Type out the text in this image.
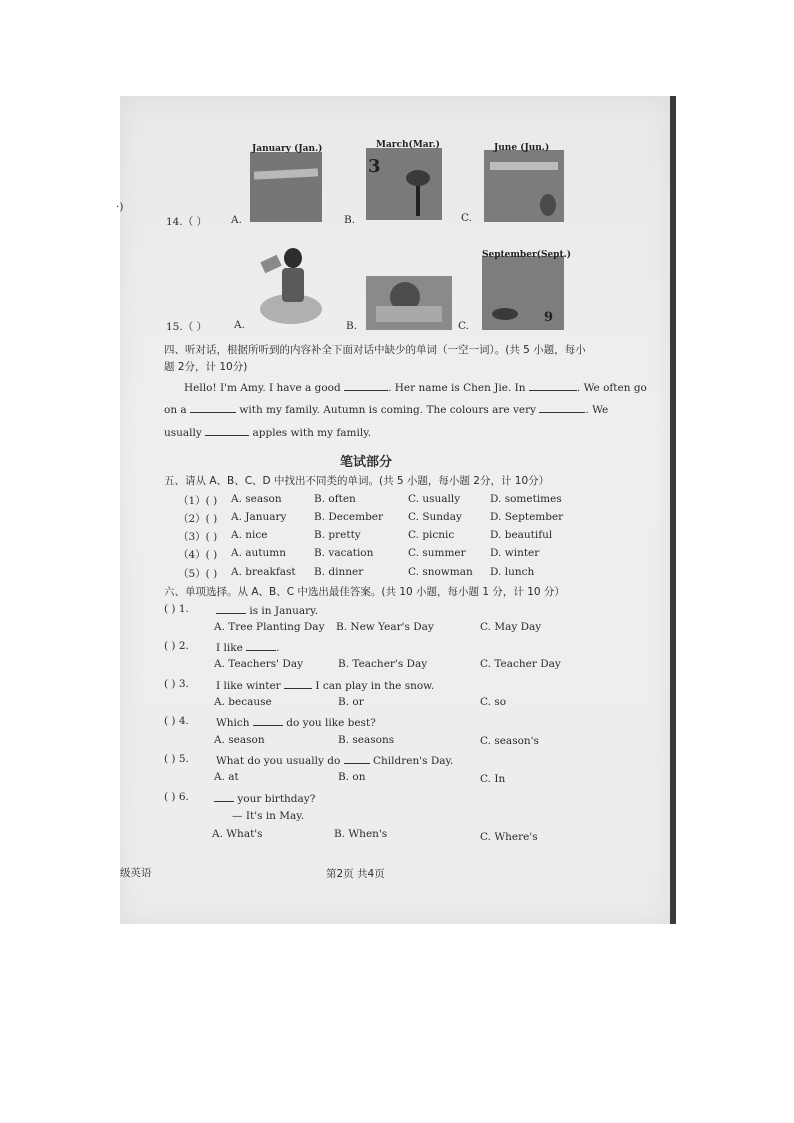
·)
January (Jan.)
3
March(Mar.)	June (Jun.)
14.（ ） A.	B.	C.
9
September(Sept.)
15.（ ）	A.	B.	C.
四、听对话，根据所听到的内容补全下面对话中缺少的单词（一空一词）。(共 5 小题，每小
题 2分，计 10分)
Hello! I'm Amy. I have a good	. Her name is Chen Jie. In	. We often go
on a	with my family. Autumn is coming. The colours are very	. We
usually	apples with my family.
笔试部分
五、请从 A、B、C、D 中找出不同类的单词。(共 5 小题，每小题 2分，计 10分）
（1）( ) A. season	B. often	C. usually	D. sometimes
（2）( ) A. January	B. December C. Sunday	D. September
（3）( ) A. nice	B. pretty	C. picnic	D. beautiful
（4）( ) A. autumn	B. vacation	C. summer D. winter
（5）( ) A. breakfast B. dinner	C. snowman D. lunch
六、单项选择。从 A、B、C 中选出最佳答案。(共 10 小题，每小题 1 分，计 10 分）
( ) 1.	is in January.
A. Tree Planting Day B. New Year's Day	C. May Day
( ) 2.	I like	.
A. Teachers' Day	B. Teacher's Day	C. Teacher Day
( ) 3.	I like winter	I can play in the snow.
A. because	B. or	C. so
( ) 4.	Which	do you like best?
A. season	B. seasons	C. season's
( ) 5.	What do you usually do	Children's Day.
A. at	B. on	C. In
( ) 6.	your birthday?
— It's in May.
A. What's	B. When's	C. Where's
级英语	第2页 共4页
